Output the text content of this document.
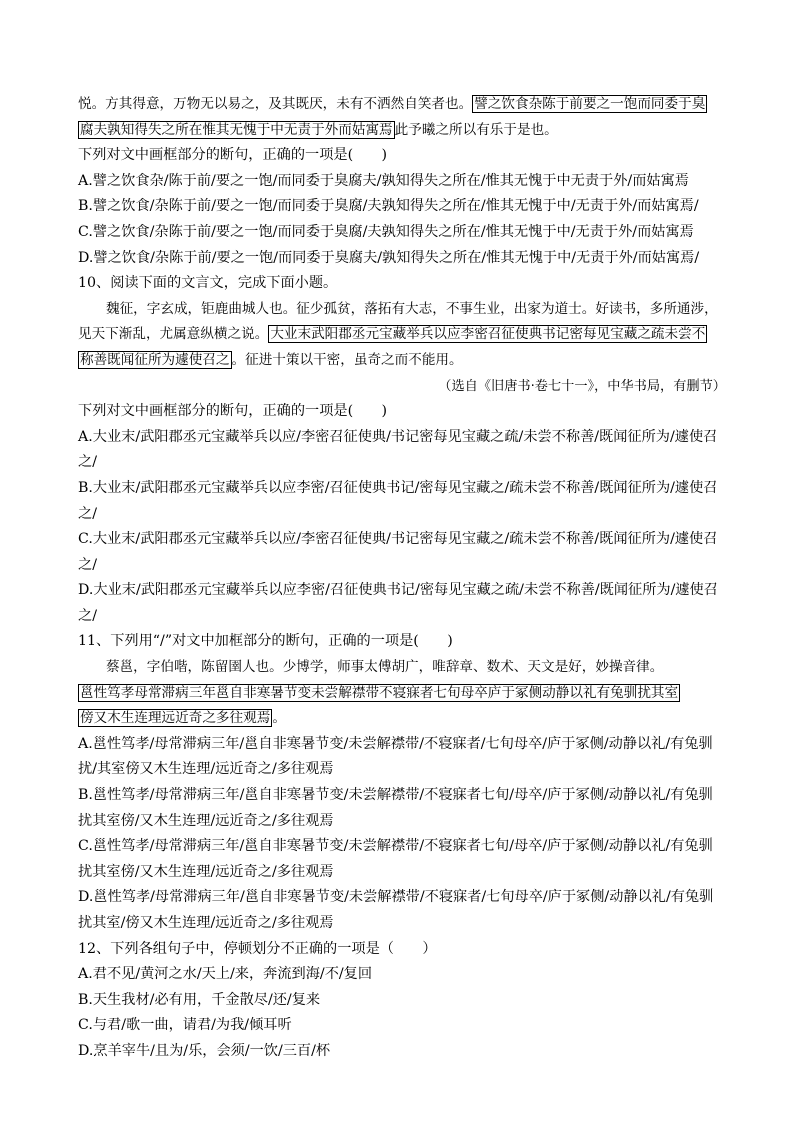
悦。方其得意，万物无以易之，及其既厌，未有不洒然自笑者也。 譬之饮食杂陈于前要之一饱而同委于臭
腐夫孰知得失之所在惟其无愧于中无责于外而姑寓焉 此予曦之所以有乐于是也。
下列对文中画框部分的断句，正确的一项是(　　)
A.譬之饮食杂/陈于前/要之一饱/而同委于臭腐夫/孰知得失之所在/惟其无愧于中无责于外/而姑寓焉
B.譬之饮食/杂陈于前/要之一饱/而同委于臭腐/夫孰知得失之所在/惟其无愧于中/无责于外/而姑寓焉/
C.譬之饮食/杂陈于前/要之一饱/而同委于臭腐/夫孰知得失之所在/惟其无愧于中/无责于外/而姑寓焉
D.譬之饮食/杂陈于前/要之一饱/而同委于臭腐夫/孰知得失之所在/惟其无愧于中/无责于外/而姑寓焉/
10、阅读下面的文言文，完成下面小题。
魏征，字玄成，钜鹿曲城人也。征少孤贫，落拓有大志，不事生业，出家为道士。好读书，多所通涉，
见天下渐乱，尤属意纵横之说。 大业末武阳郡丞元宝藏举兵以应李密召征使典书记密每见宝藏之疏未尝不
称善既闻征所为遽使召之 。征进十策以干密，虽奇之而不能用。
（选自《旧唐书·卷七十一》，中华书局，有删节）
下列对文中画框部分的断句，正确的一项是(　　)
A.大业末/武阳郡丞元宝藏举兵以应/李密召征使典/书记密每见宝藏之疏/未尝不称善/既闻征所为/遽使召
之/
B.大业末/武阳郡丞元宝藏举兵以应李密/召征使典书记/密每见宝藏之/疏未尝不称善/既闻征所为/遽使召
之/
C.大业末/武阳郡丞元宝藏举兵以应/李密召征使典/书记密每见宝藏之/疏未尝不称善/既闻征所为/遽使召
之/
D.大业末/武阳郡丞元宝藏举兵以应李密/召征使典书记/密每见宝藏之疏/未尝不称善/既闻征所为/遽使召
之/
11、下列用“/”对文中加框部分的断句，正确的一项是(　　)
蔡邕，字伯喈，陈留圉人也。少博学，师事太傅胡广，唯辞章、数术、天文是好，妙操音律。
邕性笃孝母常滞病三年邕自非寒暑节变未尝解襟带不寝寐者七旬母卒庐于冢侧动静以礼有兔驯扰其室
傍又木生连理远近奇之多往观焉 。
A.邕性笃孝/母常滞病三年/邕自非寒暑节变/未尝解襟带/不寝寐者/七旬母卒/庐于冢侧/动静以礼/有兔驯
扰/其室傍又木生连理/远近奇之/多往观焉
B.邕性笃孝/母常滞病三年/邕自非寒暑节变/未尝解襟带/不寝寐者七旬/母卒/庐于冢侧/动静以礼/有兔驯
扰其室傍/又木生连理/远近奇之/多往观焉
C.邕性笃孝/母常滞病三年/邕自非寒暑节变/未尝解襟带/不寝寐者七旬/母卒/庐于冢侧/动静以礼/有兔驯
扰其室傍/又木生连理/远近奇之/多往观焉
D.邕性笃孝/母常滞病三年/邕自非寒暑节变/未尝解襟带/不寝寐者/七旬母卒/庐于冢侧/动静以礼/有兔驯
扰其室/傍又木生连理/远近奇之/多往观焉
12、下列各组句子中，停顿划分不正确的一项是（　　）
A.君不见/黄河之水/天上/来，奔流到海/不/复回
B.天生我材/必有用，千金散尽/还/复来
C.与君/歌一曲，请君/为我/倾耳听
D.烹羊宰牛/且为/乐，会须/一饮/三百/杯
